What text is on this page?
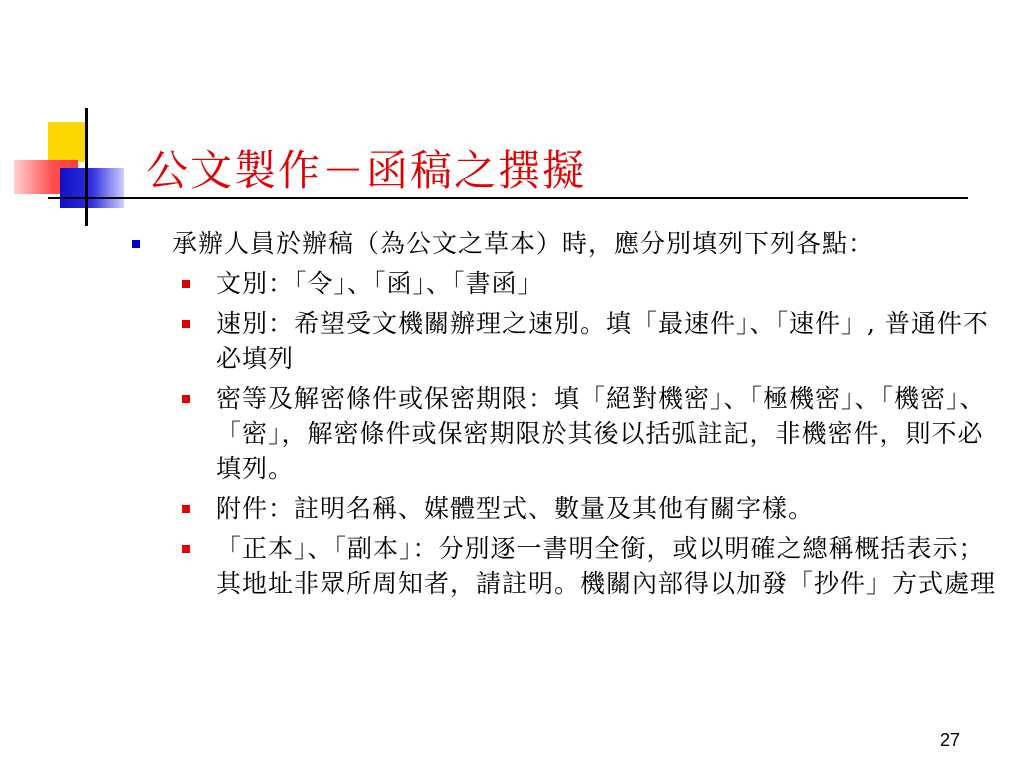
公文製作－函稿之撰擬
承辦人員於辦稿（為公文之草本）時，應分別填列下列各點：
文別：「令」、「函」、「書函」
速別：希望受文機關辦理之速別。填「最速件」、「速件」, 普通件不必填列
密等及解密條件或保密期限：填「絕對機密」、「極機密」、「機密」、「密」，解密條件或保密期限於其後以括弧註記，非機密件，則不必填列。
附件：註明名稱、媒體型式、數量及其他有關字樣。
「正本」、「副本」：分別逐一書明全銜，或以明確之總稱概括表示；其地址非眾所周知者，請註明。機關內部得以加發「抄件」方式處理
27
